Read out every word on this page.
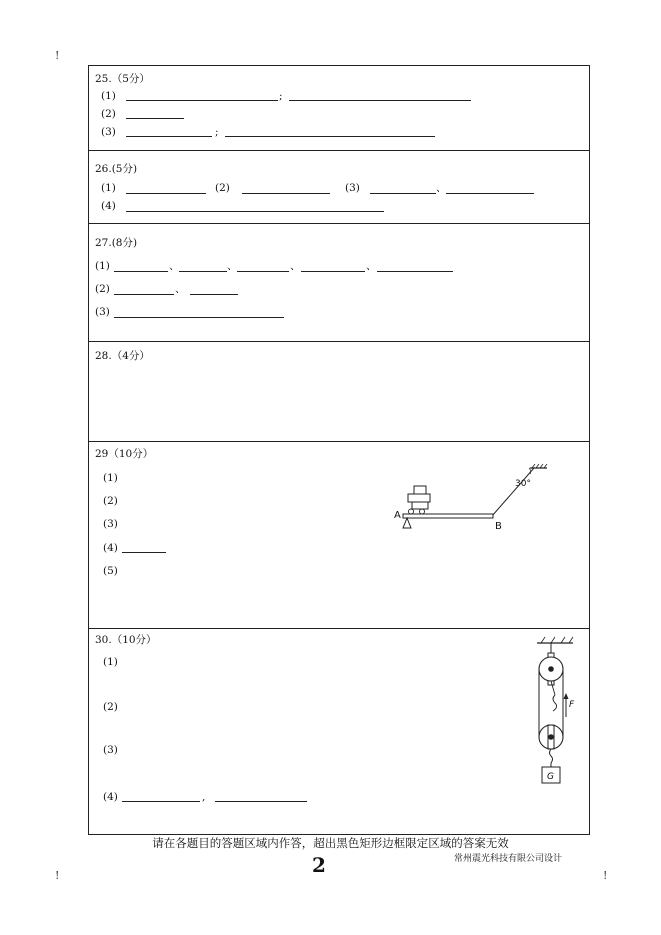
!
!	!
25.（5分）
(1)	;
(2)
(3)	;
26.(5分)
(1)	(2)	(3)	、
(4)
27.(8分)
(1)	、	、	、	、
(2)	、
(3)
28.（4分）
29（10分）
(1)
(2)
(3)
(4)
(5)
30°
A
B
30.（10分）
(1)
(2)
(3)
(4)	,
F
G
请在各题目的答题区域内作答，超出黑色矩形边框限定区域的答案无效
2	常州震光科技有限公司设计
